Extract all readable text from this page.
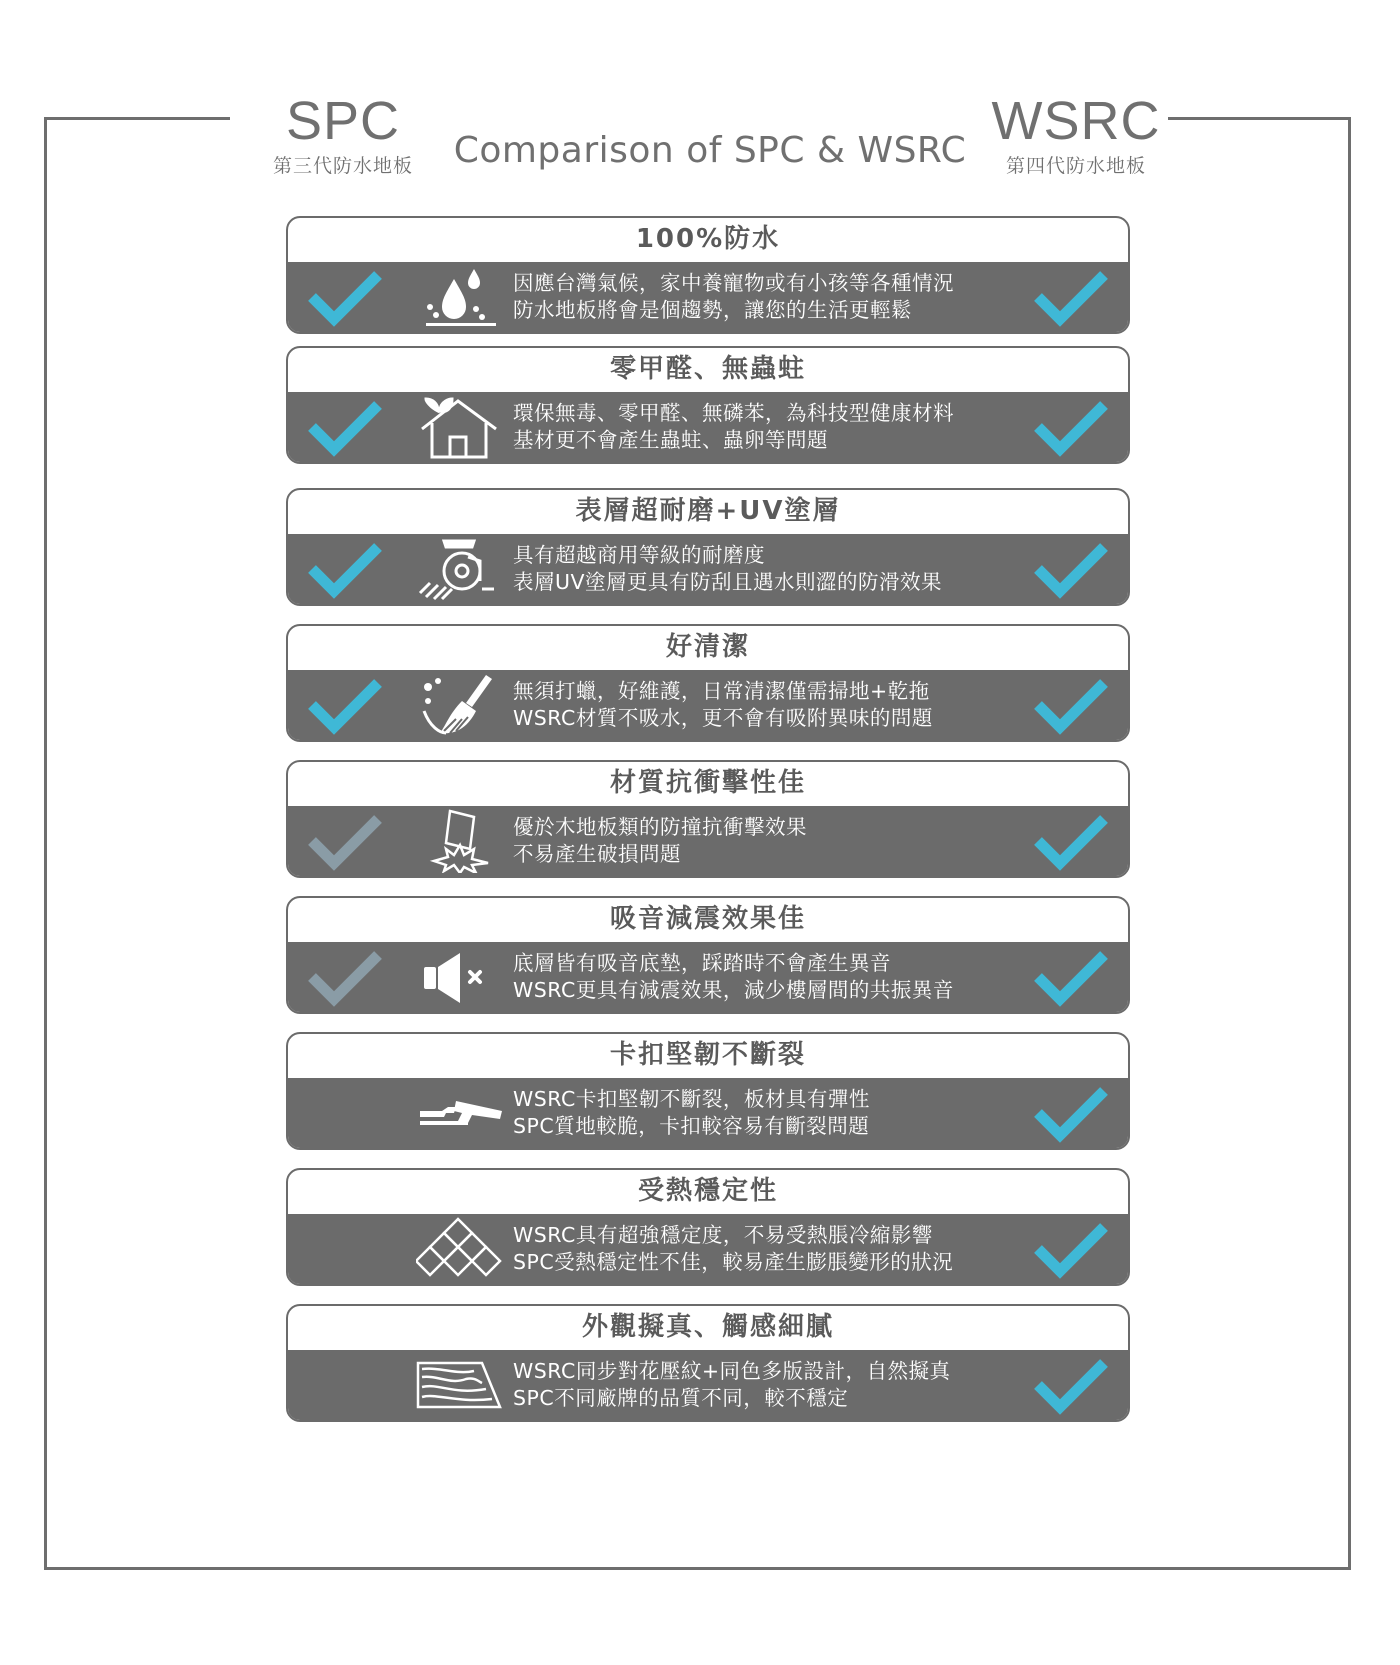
SPC
第三代防水地板	Comparison of SPC & WSRC WSRC
第四代防水地板
100%防水
因應台灣氣候，家中養寵物或有小孩等各種情況
防水地板將會是個趨勢，讓您的生活更輕鬆
零甲醛、無蟲蛀
環保無毒、零甲醛、無磷苯，為科技型健康材料
基材更不會產生蟲蛀、蟲卵等問題
表層超耐磨+UV塗層
具有超越商用等級的耐磨度
表層UV塗層更具有防刮且遇水則澀的防滑效果
好清潔
無須打蠟，好維護，日常清潔僅需掃地+乾拖
WSRC材質不吸水，更不會有吸附異味的問題
材質抗衝擊性佳
優於木地板類的防撞抗衝擊效果
不易產生破損問題
吸音減震效果佳
底層皆有吸音底墊，踩踏時不會產生異音
WSRC更具有減震效果，減少樓層間的共振異音
卡扣堅韌不斷裂
WSRC卡扣堅韌不斷裂，板材具有彈性
SPC質地較脆，卡扣較容易有斷裂問題
受熱穩定性
WSRC具有超強穩定度，不易受熱脹冷縮影響
SPC受熱穩定性不佳，較易產生膨脹變形的狀況
外觀擬真、觸感細膩
WSRC同步對花壓紋+同色多版設計，自然擬真
SPC不同廠牌的品質不同，較不穩定
